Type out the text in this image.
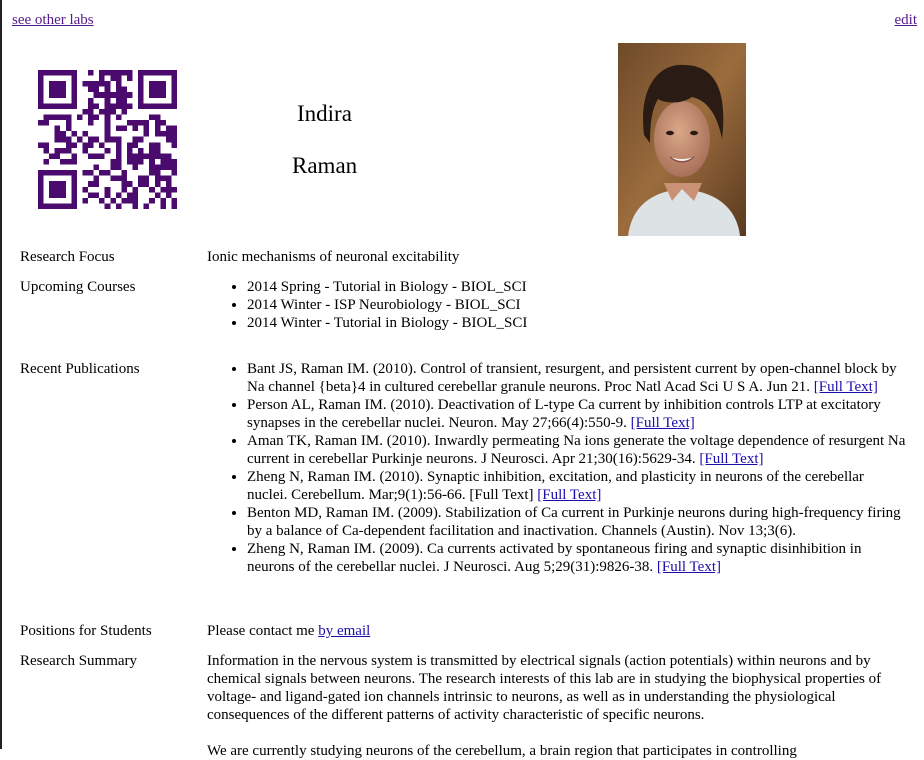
see other labs	edit
Indira
Raman
Research Focus	Ionic mechanisms of neuronal excitability
Upcoming Courses	• 2014 Spring - Tutorial in Biology - BIOL_SCI
• 2014 Winter - ISP Neurobiology - BIOL_SCI
• 2014 Winter - Tutorial in Biology - BIOL_SCI
Recent Publications	• Bant JS, Raman IM. (2010). Control of transient, resurgent, and persistent current by open-channel block by Na channel {beta}4 in cultured cerebellar granule neurons. Proc Natl Acad Sci U S A. Jun 21. [Full Text]
• Person AL, Raman IM. (2010). Deactivation of L-type Ca current by inhibition controls LTP at excitatory synapses in the cerebellar nuclei. Neuron. May 27;66(4):550-9. [Full Text]
• Aman TK, Raman IM. (2010). Inwardly permeating Na ions generate the voltage dependence of resurgent Na current in cerebellar Purkinje neurons. J Neurosci. Apr 21;30(16):5629-34. [Full Text]
• Zheng N, Raman IM. (2010). Synaptic inhibition, excitation, and plasticity in neurons of the cerebellar nuclei. Cerebellum. Mar;9(1):56-66. [Full Text] [Full Text]
• Benton MD, Raman IM. (2009). Stabilization of Ca current in Purkinje neurons during high-frequency firing by a balance of Ca-dependent facilitation and inactivation. Channels (Austin). Nov 13;3(6).
• Zheng N, Raman IM. (2009). Ca currents activated by spontaneous firing and synaptic disinhibition in neurons of the cerebellar nuclei. J Neurosci. Aug 5;29(31):9826-38. [Full Text]
Positions for Students	Please contact me by email
Research Summary	Information in the nervous system is transmitted by electrical signals (action potentials) within neurons and by chemical signals between neurons. The research interests of this lab are in studying the biophysical properties of voltage- and ligand-gated ion channels intrinsic to neurons, as well as in understanding the physiological consequences of the different patterns of activity characteristic of specific neurons.

We are currently studying neurons of the cerebellum, a brain region that participates in controlling
